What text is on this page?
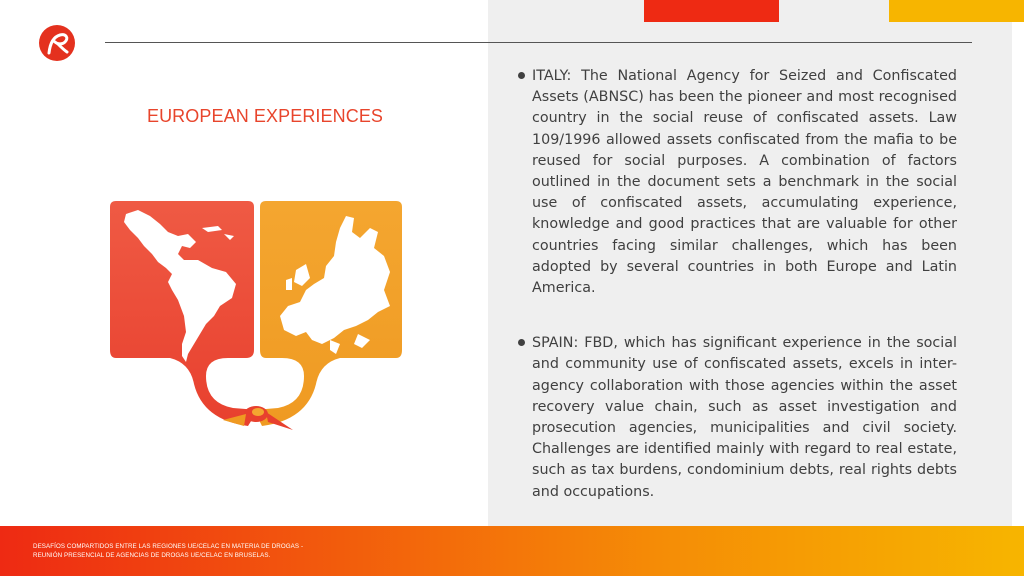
EUROPEAN EXPERIENCES
ITALY: The National Agency for Seized and Confiscated Assets (ABNSC) has been the pioneer and most recognised country in the social reuse of confiscated assets. Law 109/1996 allowed assets confiscated from the mafia to be reused for social purposes. A combination of factors outlined in the document sets a benchmark in the social use of confiscated assets, accumulating experience, knowledge and good practices that are valuable for other countries facing similar challenges, which has been adopted by several countries in both Europe and Latin America.
SPAIN: FBD, which has significant experience in the social and community use of confiscated assets, excels in inter-agency collaboration with those agencies within the asset recovery value chain, such as asset investigation and prosecution agencies, municipalities and civil society. Challenges are identified mainly with regard to real estate, such as tax burdens, condominium debts, real rights debts and occupations.
DESAFÍOS COMPARTIDOS ENTRE LAS REGIONES UE/CELAC EN MATERIA DE DROGAS -
REUNIÓN PRESENCIAL DE AGENCIAS DE DROGAS UE/CELAC EN BRUSELAS.
